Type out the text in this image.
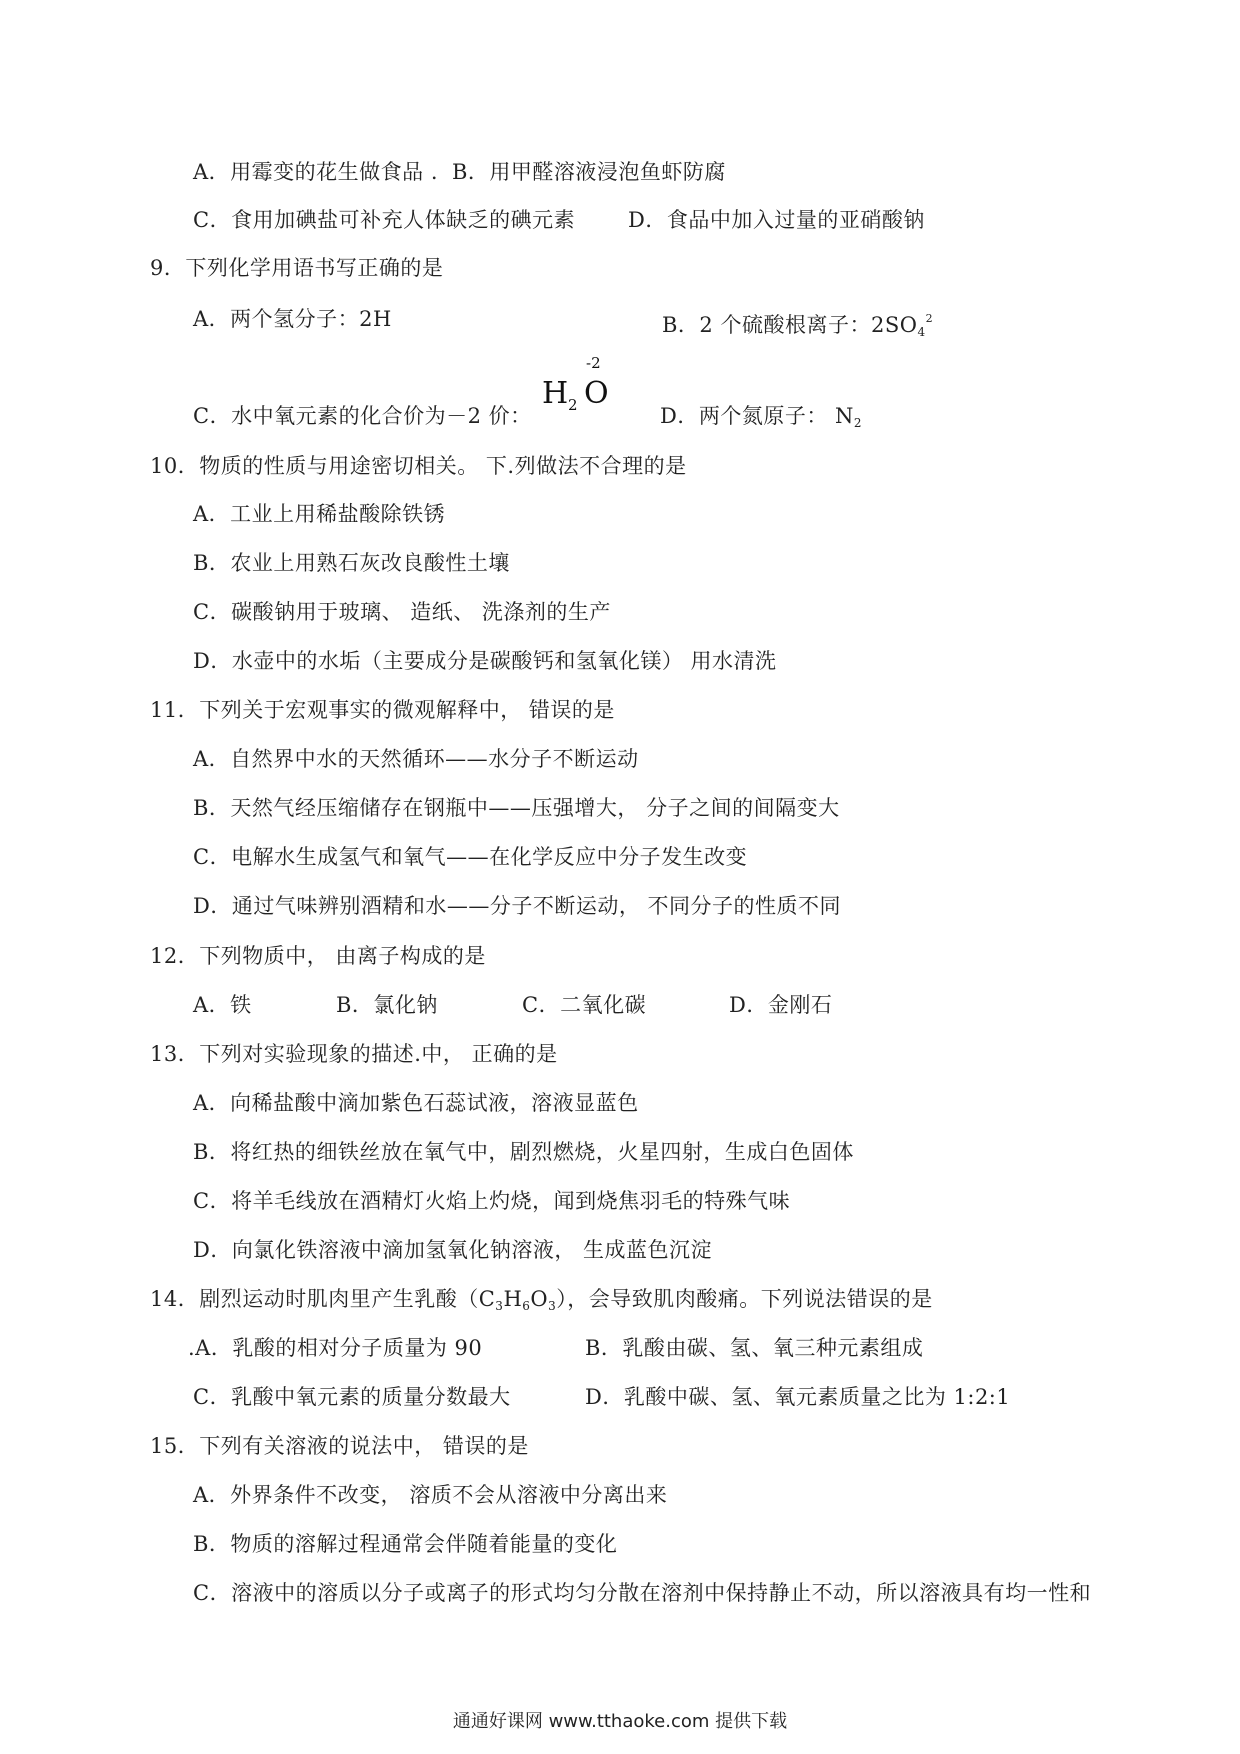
A．用霉变的花生做食品 . B．用甲醛溶液浸泡鱼虾防腐
C．食用加碘盐可补充人体缺乏的碘元素	D．食品中加入过量的亚硝酸钠
9．下列化学用语书写正确的是
A．两个氢分子：2H	B．2 个硫酸根离子：$2SO_4^2$
C．水中氧元素的化合价为－2 价：
H 2 O
-2
D．两个氮原子： $N_2$
10．物质的性质与用途密切相关。 下.列做法不合理的是
A．工业上用稀盐酸除铁锈
B．农业上用熟石灰改良酸性土壤
C．碳酸钠用于玻璃、 造纸、 洗涤剂的生产
D．水壶中的水垢（主要成分是碳酸钙和氢氧化镁） 用水清洗
11．下列关于宏观事实的微观解释中， 错误的是
A．自然界中水的天然循环——水分子不断运动
B．天然气经压缩储存在钢瓶中——压强增大， 分子之间的间隔变大
C．电解水生成氢气和氧气——在化学反应中分子发生改变
D．通过气味辨别酒精和水——分子不断运动， 不同分子的性质不同
12．下列物质中， 由离子构成的是
A．铁	B．氯化钠	C．二氧化碳	D．金刚石
13．下列对实验现象的描述.中， 正确的是
A．向稀盐酸中滴加紫色石蕊试液，溶液显蓝色
B．将红热的细铁丝放在氧气中，剧烈燃烧，火星四射，生成白色固体
C．将羊毛线放在酒精灯火焰上灼烧，闻到烧焦羽毛的特殊气味
D．向氯化铁溶液中滴加氢氧化钠溶液， 生成蓝色沉淀
14．剧烈运动时肌肉里产生乳酸$(C_3H_6O_3)$，会导致肌肉酸痛。下列说法错误的是
.A．乳酸的相对分子质量为 90	B．乳酸由碳、氢、氧三种元素组成
C．乳酸中氧元素的质量分数最大	D．乳酸中碳、氢、氧元素质量之比为 1:2:1
15．下列有关溶液的说法中， 错误的是
A．外界条件不改变， 溶质不会从溶液中分离出来
B．物质的溶解过程通常会伴随着能量的变化
C．溶液中的溶质以分子或离子的形式均匀分散在溶剂中保持静止不动，所以溶液具有均一性和
通通好课网 www.tthaoke.com 提供下载
